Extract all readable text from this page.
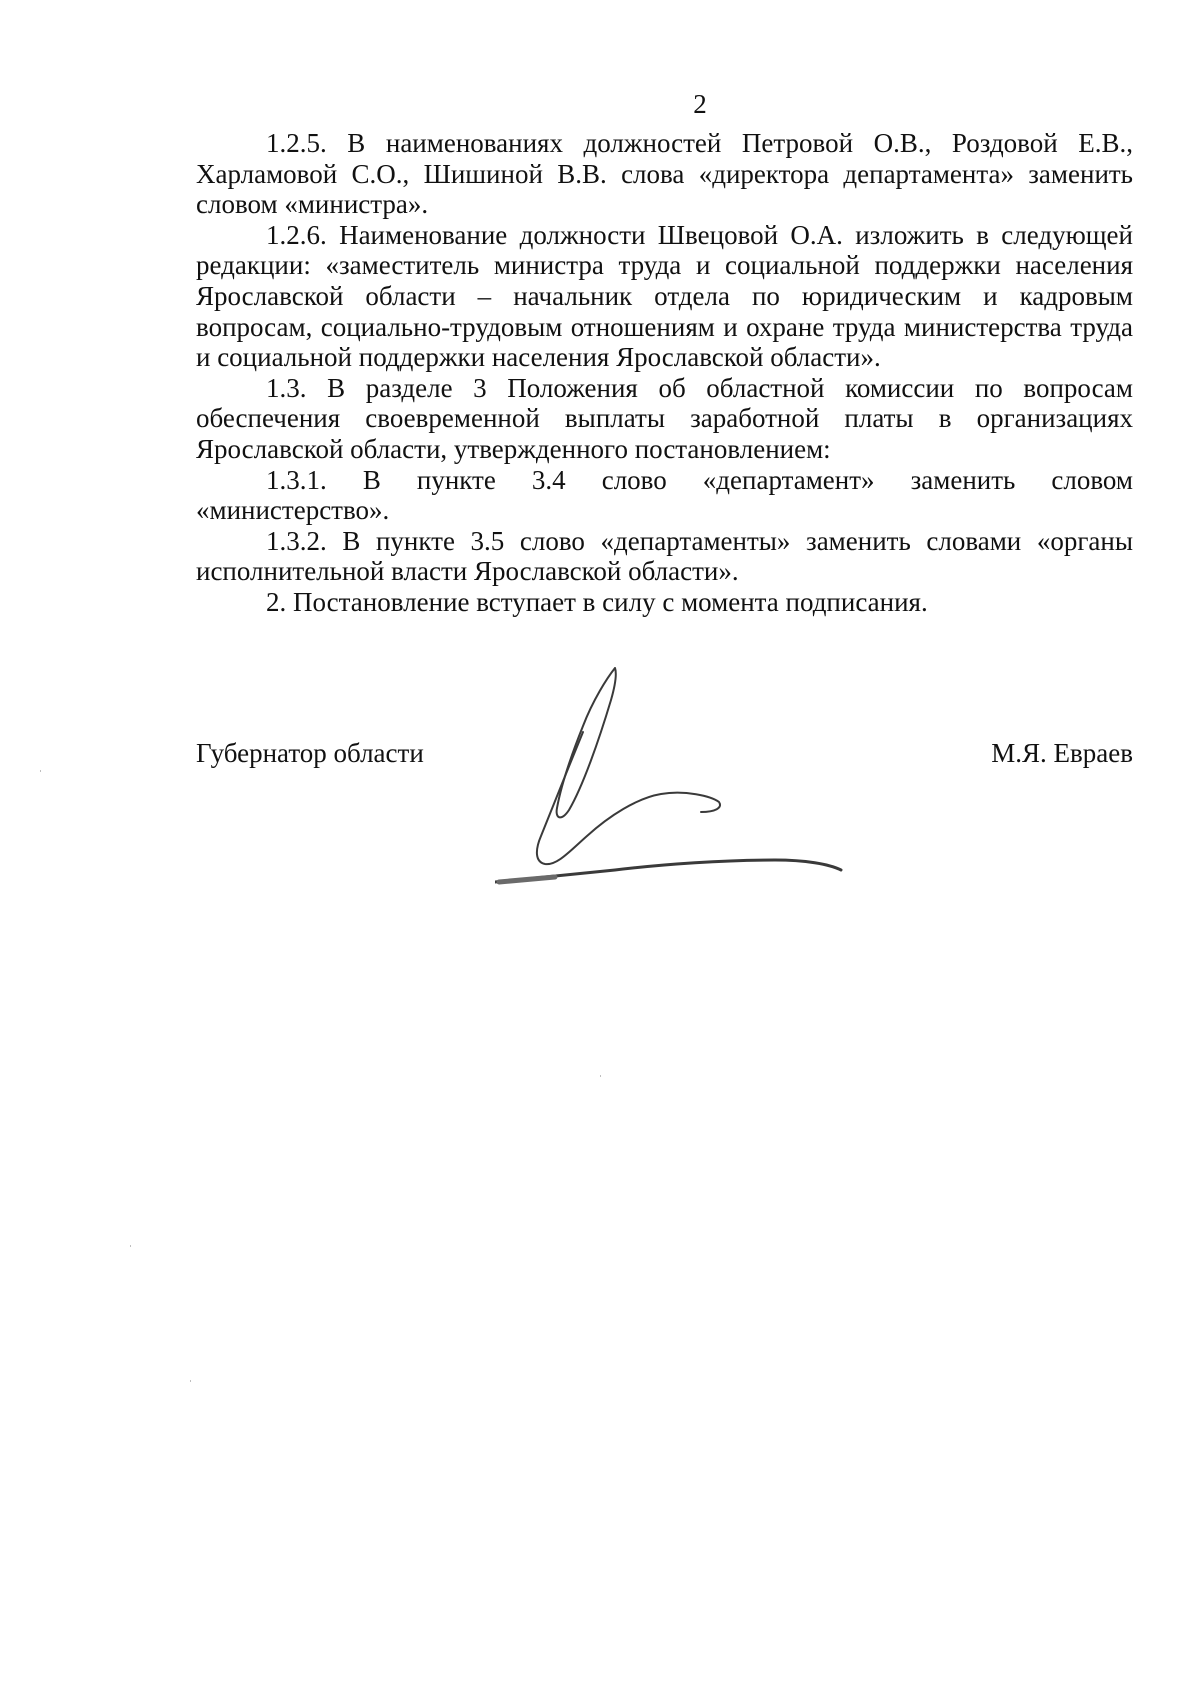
2

1.2.5. В наименованиях должностей Петровой О.В., Роздовой Е.В., Харламовой С.О., Шишиной В.В. слова «директора департамента» заменить словом «министра».

1.2.6. Наименование должности Швецовой О.А. изложить в следующей редакции: «заместитель министра труда и социальной поддержки населения Ярославской области – начальник отдела по юридическим и кадровым вопросам, социально-трудовым отношениям и охране труда министерства труда и социальной поддержки населения Ярославской области».

1.3. В разделе 3 Положения об областной комиссии по вопросам обеспечения своевременной выплаты заработной платы в организациях Ярославской области, утвержденного постановлением:

1.3.1. В пункте 3.4 слово «департамент» заменить словом

«министерство».

1.3.2. В пункте 3.5 слово «департаменты» заменить словами «органы исполнительной власти Ярославской области».

2. Постановление вступает в силу с момента подписания.

Губернатор области	М.Я. Евраев
